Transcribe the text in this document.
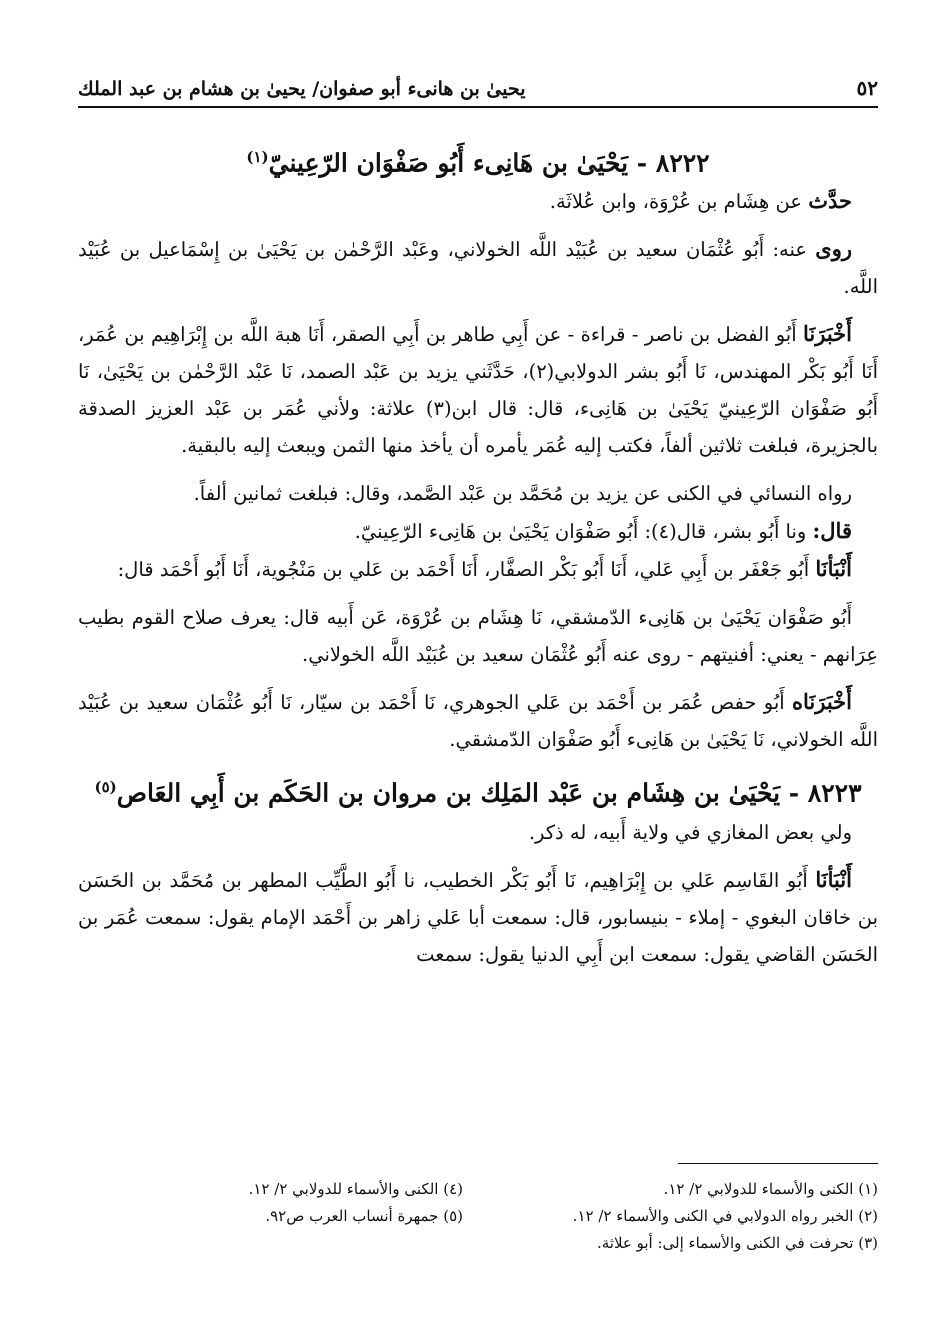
٥٢
يحيىٰ بن هانىء أبو صفوان/ يحيىٰ بن هشام بن عبد الملك
٨٢٢٢ - يَحْيَىٰ بن هَانِىء أَبُو صَفْوَان الرّعِينيّ$^{(١)}$

حدَّث عن هِشَام بن عُرْوَة، وابن عُلاثَة.

روى عنه: أَبُو عُثْمَان سعيد بن عُبَيْد اللَّه الخولاني، وعَبْد الرَّحْمٰن بن يَحْيَىٰ بن إِسْمَاعيل بن عُبَيْد اللَّه.

أَخْبَرَنَا أَبُو الفضل بن ناصر - قراءة - عن أَبِي طاهر بن أَبِي الصقر، أَنَا هبة اللَّه بن إِبْرَاهِيم بن عُمَر، أَنَا أَبُو بَكْر المهندس، نَا أَبُو بشر الدولابي(٢)، حَدَّثَني يزيد بن عَبْد الصمد، نَا عَبْد الرَّحْمٰن بن يَحْيَىٰ، نَا أَبُو صَفْوَان الرّعِينيّ يَحْيَىٰ بن هَانِىء، قال: قال ابن(٣) علاثة: ولأني عُمَر بن عَبْد العزيز الصدقة بالجزيرة، فبلغت ثلاثين ألفاً، فكتب إليه عُمَر يأمره أن يأخذ منها الثمن ويبعث إليه بالبقية.

رواه النسائي في الكنى عن يزيد بن مُحَمَّد بن عَبْد الصَّمد، وقال: فبلغت ثمانين ألفاً.

قال: ونا أَبُو بشر، قال(٤): أَبُو صَفْوَان يَحْيَىٰ بن هَانِىء الرّعِينيّ.

أَنْبَأنَا أَبُو جَعْفَر بن أَبِي عَلي، أَنَا أَبُو بَكْر الصفَّار، أَنَا أَحْمَد بن عَلي بن مَنْجُوية، أَنَا أَبُو أَحْمَد قال:

أَبُو صَفْوَان يَحْيَىٰ بن هَانِىء الدّمشقي، نَا هِشَام بن عُرْوَة، عَن أَبيه قال: يعرف صلاح القوم بطيب عِرَانهم - يعني: أفنيتهم - روى عنه أَبُو عُثْمَان سعيد بن عُبَيْد اللَّه الخولاني.

أَخْبَرَنَاه أَبُو حفص عُمَر بن أَحْمَد بن عَلي الجوهري، نَا أَحْمَد بن سيّار، نَا أَبُو عُثْمَان سعيد بن عُبَيْد اللَّه الخولاني، نَا يَحْيَىٰ بن هَانِىء أَبُو صَفْوَان الدّمشقي.

٨٢٢٣ - يَحْيَىٰ بن هِشَام بن عَبْد المَلِك بن مروان بن الحَكَم بن أَبِي العَاص$^{(٥)}$

ولي بعض المغازي في ولاية أَبيه، له ذكر.

أَنْبَأنَا أَبُو القَاسِم عَلي بن إِبْرَاهِيم، نَا أَبُو بَكْر الخطيب، نا أَبُو الطَّيِّب المطهر بن مُحَمَّد بن الحَسَن بن خاقان البغوي - إملاء - بنيسابور، قال: سمعت أبا عَلي زاهر بن أَحْمَد الإمام يقول: سمعت عُمَر بن الحَسَن القاضي يقول: سمعت ابن أَبِي الدنيا يقول: سمعت

(١) الكنى والأسماء للدولابي ٢/ ١٢.
(٤) الكنى والأسماء للدولابي ٢/ ١٢.
(٢) الخبر رواه الدولابي في الكنى والأسماء ٢/ ١٢.
(٥) جمهرة أنساب العرب ص٩٢.
(٣) تحرفت في الكنى والأسماء إلى: أبو علاثة.
